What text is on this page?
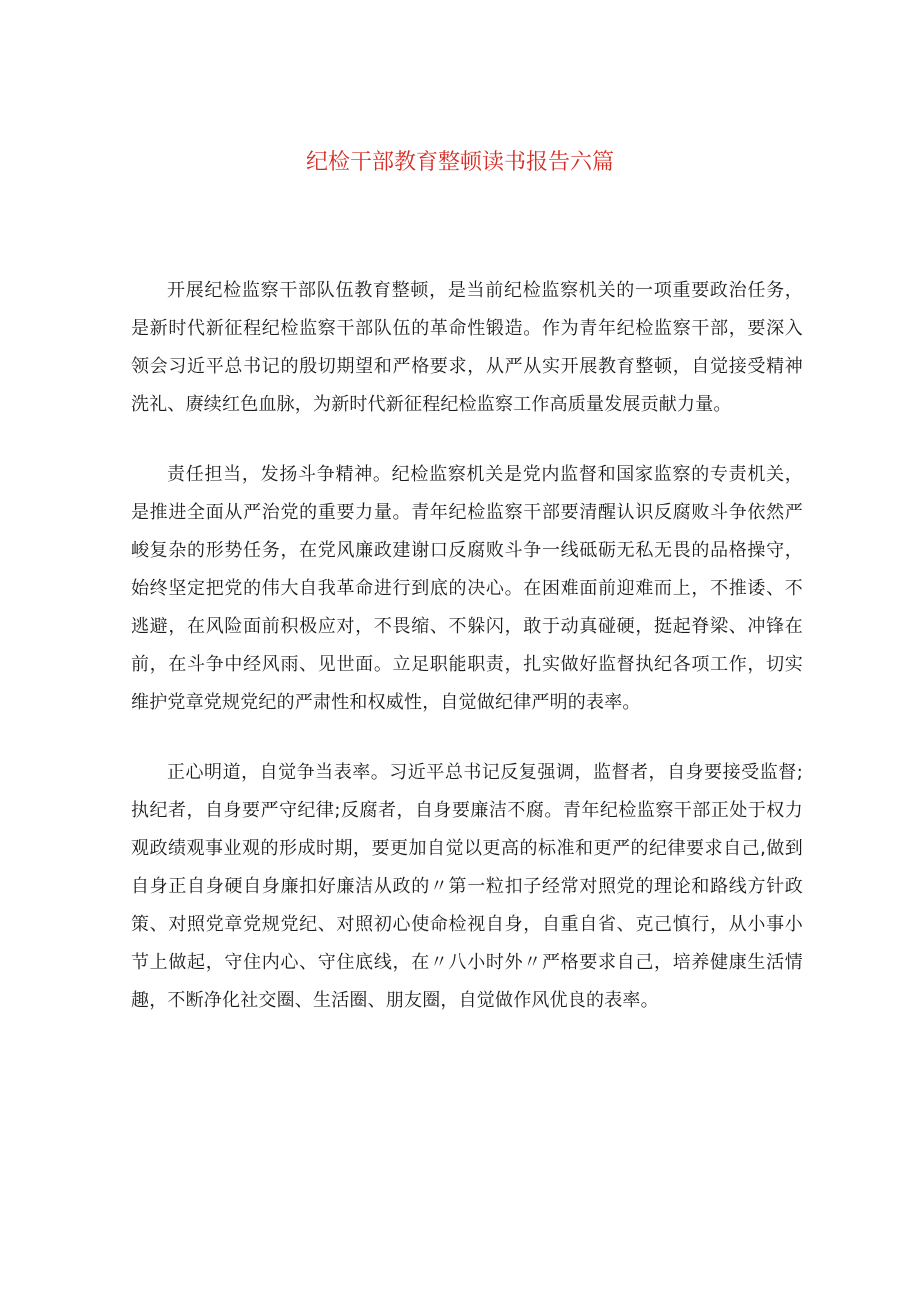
纪检干部教育整顿读书报告六篇

开展纪检监察干部队伍教育整顿，是当前纪检监察机关的一项重要政治任务，是新时代新征程纪检监察干部队伍的革命性锻造。作为青年纪检监察干部，要深入领会习近平总书记的殷切期望和严格要求，从严从实开展教育整顿，自觉接受精神洗礼、赓续红色血脉，为新时代新征程纪检监察工作高质量发展贡献力量。

责任担当，发扬斗争精神。纪检监察机关是党内监督和国家监察的专责机关，是推进全面从严治党的重要力量。青年纪检监察干部要清醒认识反腐败斗争依然严峻复杂的形势任务，在党风廉政建谢口反腐败斗争一线砥砺无私无畏的品格操守，始终坚定把党的伟大自我革命进行到底的决心。在困难面前迎难而上，不推诿、不逃避，在风险面前积极应对，不畏缩、不躲闪，敢于动真碰硬，挺起脊梁、冲锋在前，在斗争中经风雨、见世面。立足职能职责，扎实做好监督执纪各项工作，切实维护党章党规党纪的严肃性和权威性，自觉做纪律严明的表率。

正心明道，自觉争当表率。习近平总书记反复强调，监督者，自身要接受监督;执纪者，自身要严守纪律;反腐者，自身要廉洁不腐。青年纪检监察干部正处于权力观政绩观事业观的形成时期，要更加自觉以更高的标准和更严的纪律要求自己,做到自身正自身硬自身廉扣好廉洁从政的〃第一粒扣子经常对照党的理论和路线方针政策、对照党章党规党纪、对照初心使命检视自身，自重自省、克己慎行，从小事小节上做起，守住内心、守住底线，在〃八小时外〃严格要求自己，培养健康生活情趣，不断净化社交圈、生活圈、朋友圈，自觉做作风优良的表率。
